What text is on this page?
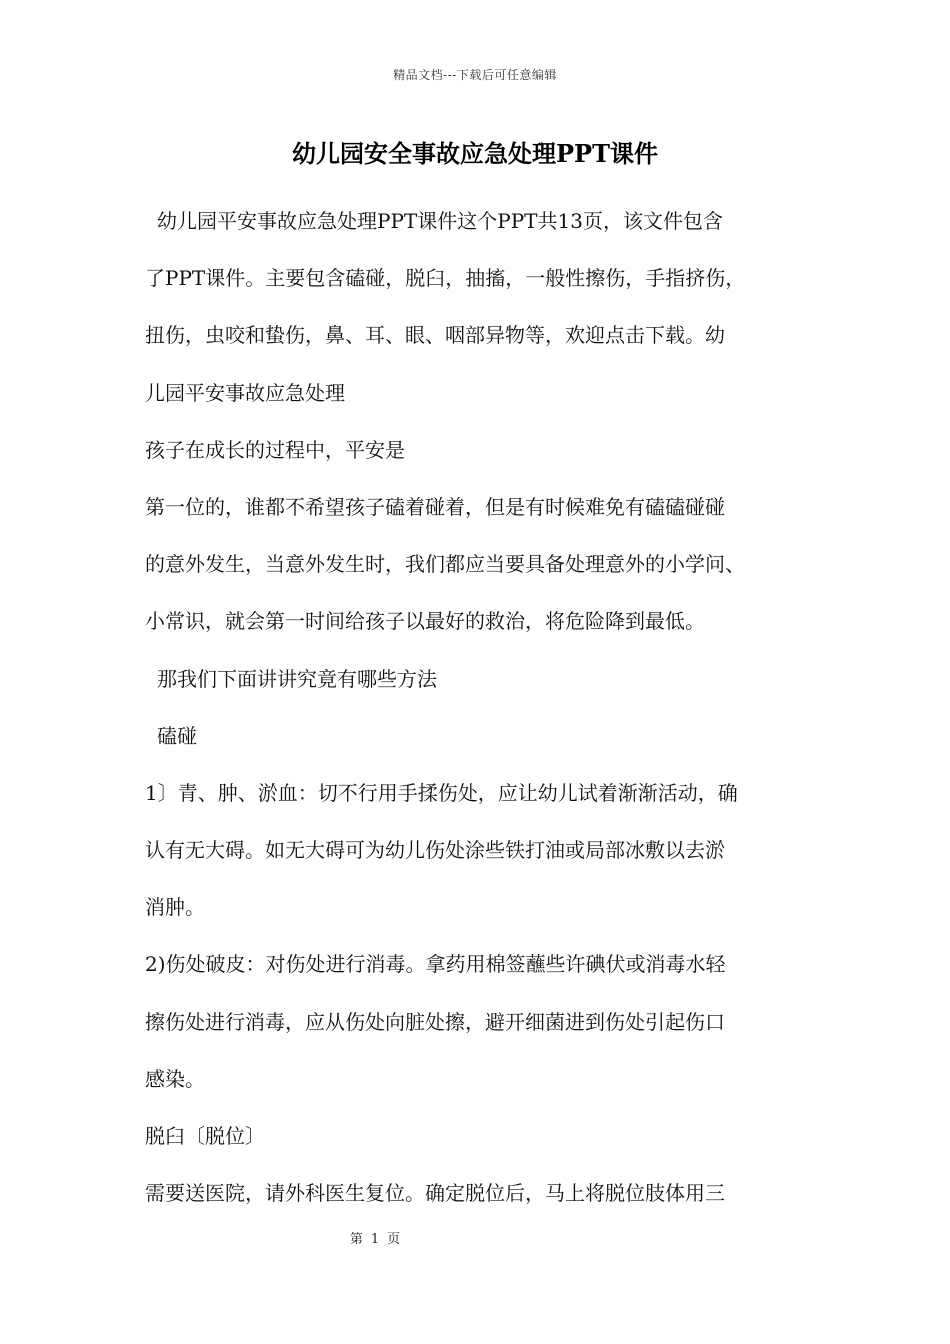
精品文档---下载后可任意编辑
幼儿园安全事故应急处理PPT课件
幼儿园平安事故应急处理PPT课件这个PPT共13页，该文件包含
了PPT课件。主要包含磕碰，脱臼，抽搐，一般性擦伤，手指挤伤，
扭伤，虫咬和蛰伤，鼻、耳、眼、咽部异物等，欢迎点击下载。幼
儿园平安事故应急处理
孩子在成长的过程中，平安是
第一位的，谁都不希望孩子磕着碰着，但是有时候难免有磕磕碰碰
的意外发生，当意外发生时，我们都应当要具备处理意外的小学问、
小常识，就会第一时间给孩子以最好的救治，将危险降到最低。
那我们下面讲讲究竟有哪些方法
磕碰
1〕青、肿、淤血：切不行用手揉伤处，应让幼儿试着渐渐活动，确
认有无大碍。如无大碍可为幼儿伤处涂些铁打油或局部冰敷以去淤
消肿。
2)伤处破皮：对伤处进行消毒。拿药用棉签蘸些许碘伏或消毒水轻
擦伤处进行消毒，应从伤处向脏处擦，避开细菌进到伤处引起伤口
感染。
脱臼〔脱位〕
需要送医院，请外科医生复位。确定脱位后，马上将脱位肢体用三
第 1 页
